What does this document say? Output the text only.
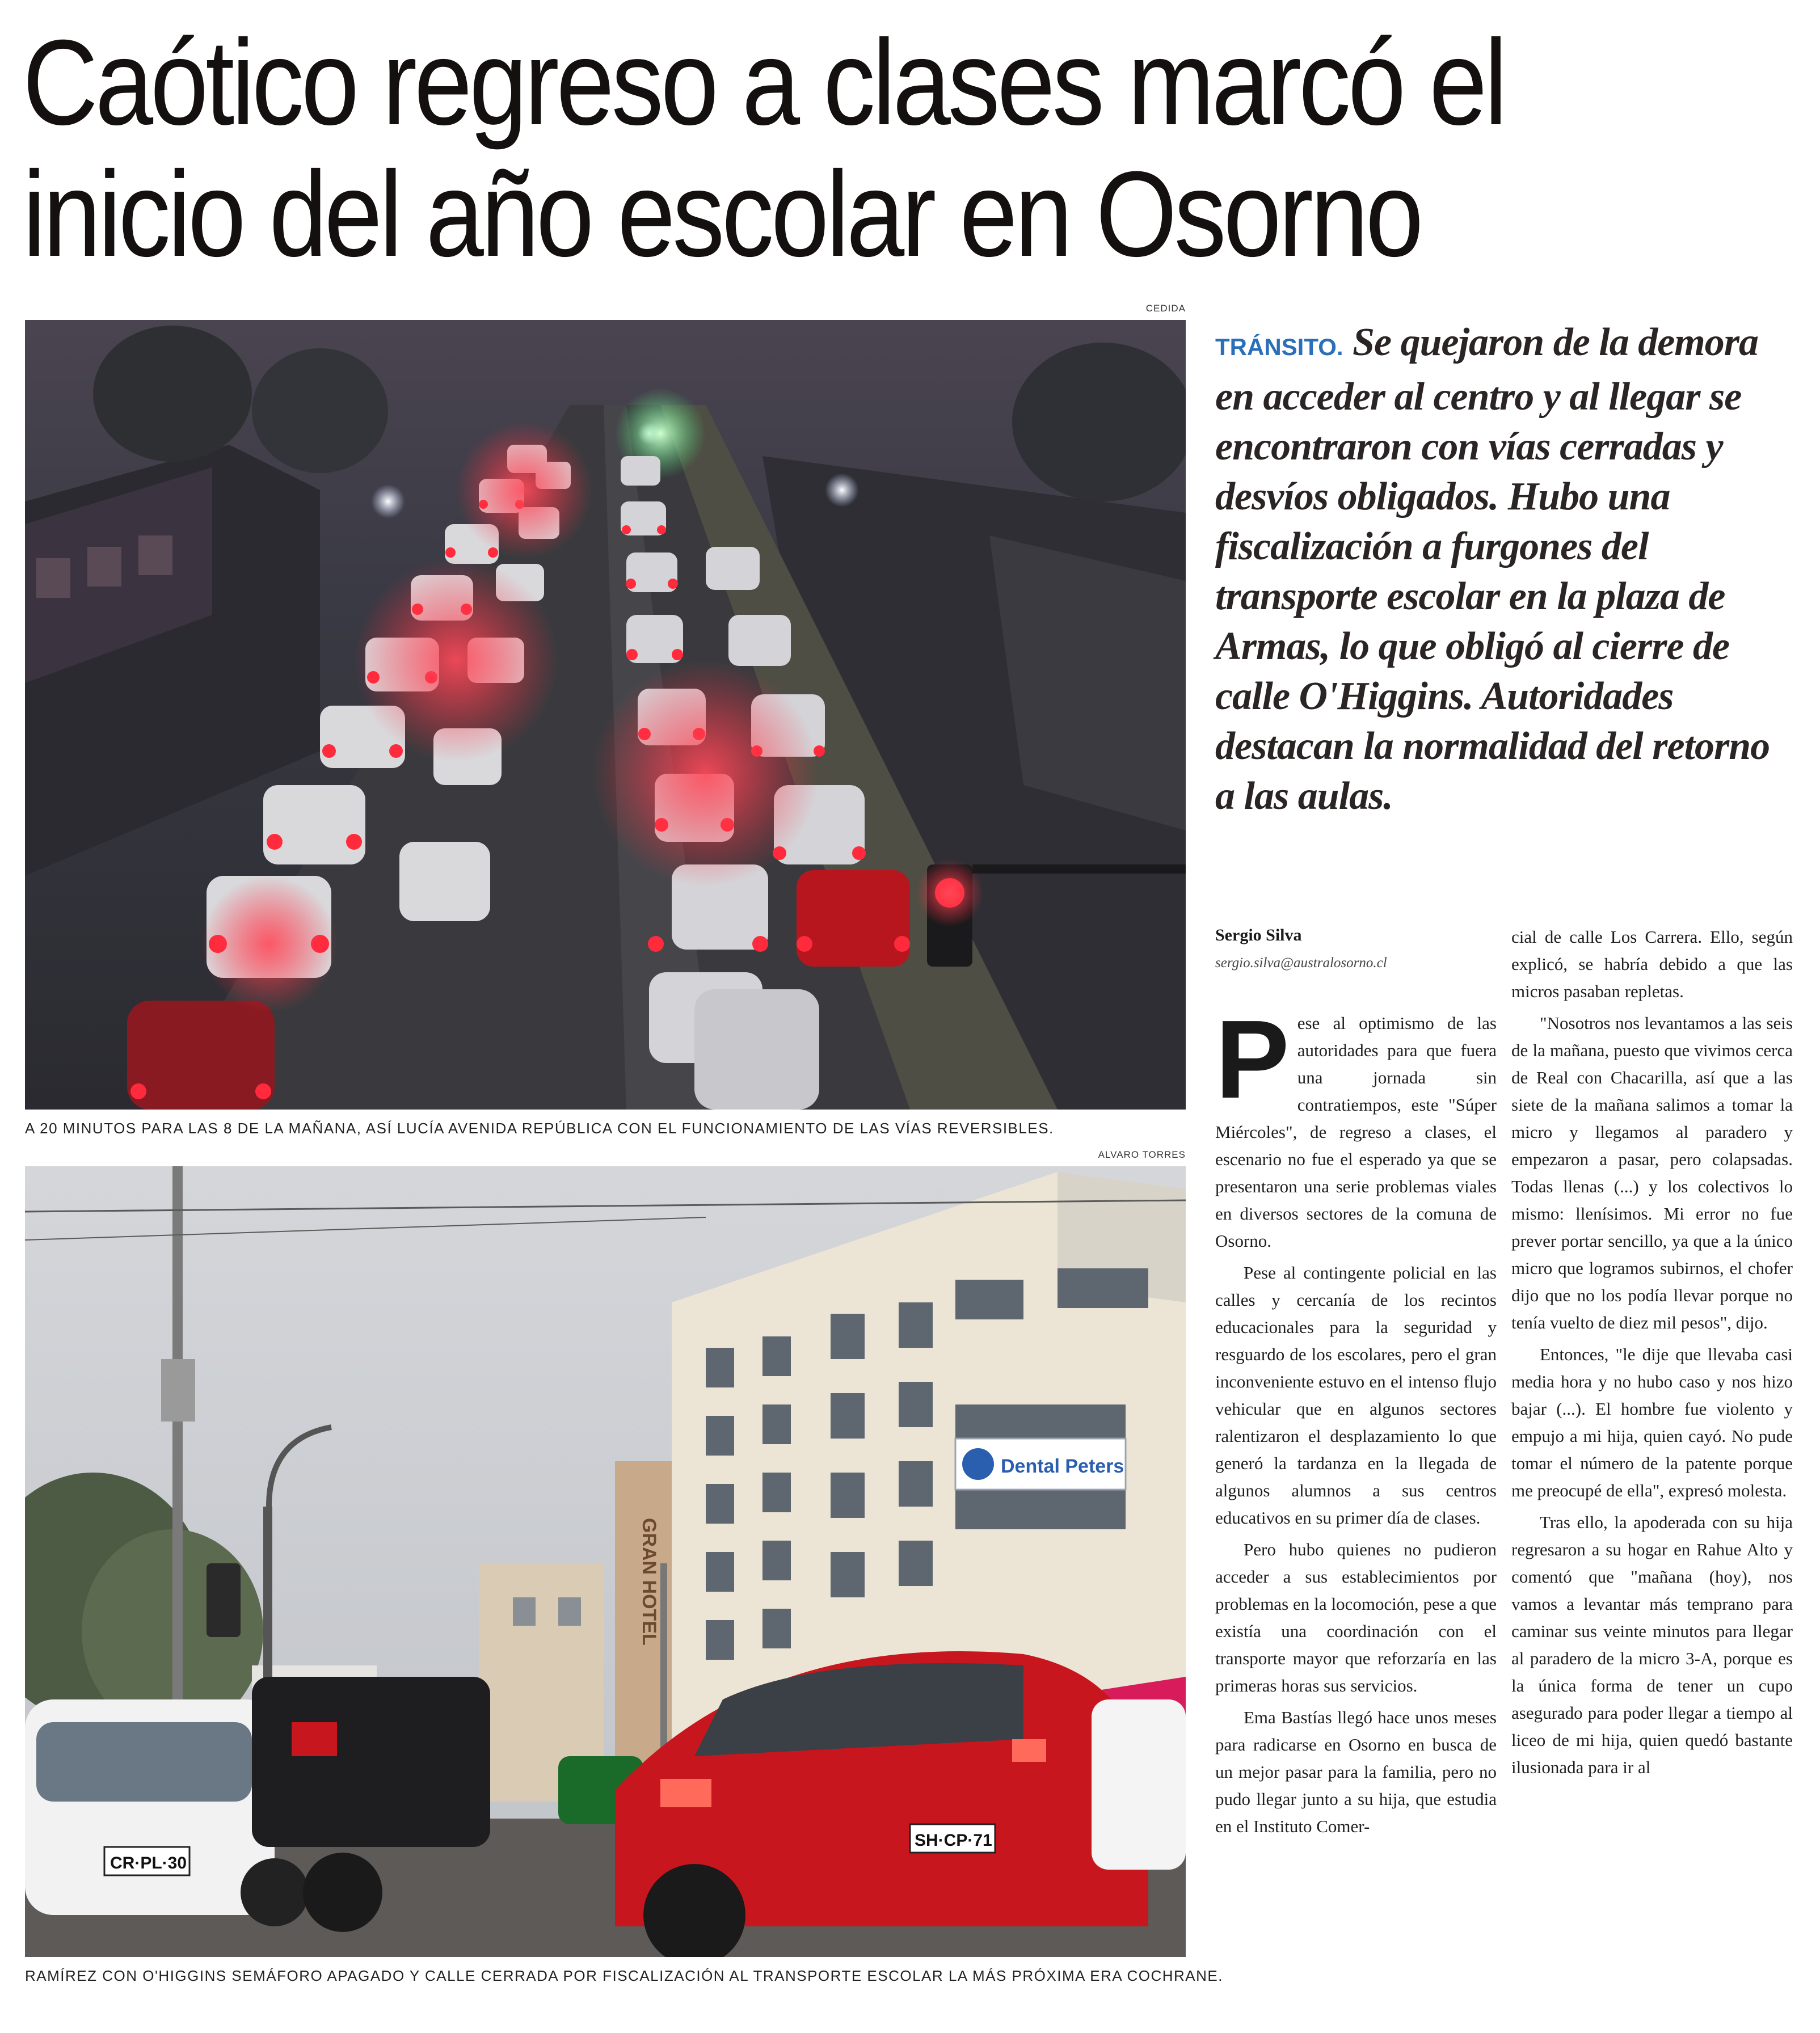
Caótico regreso a clases marcó el inicio del año escolar en Osorno
CEDIDA
A 20 MINUTOS PARA LAS 8 DE LA MAÑANA, ASÍ LUCÍA AVENIDA REPÚBLICA CON EL FUNCIONAMIENTO DE LAS VÍAS REVERSIBLES.
ALVARO TORRES
GRAN HOTEL
Dental Peters
CR·PL·30
SH·CP·71
RAMÍREZ CON O'HIGGINS SEMÁFORO APAGADO Y CALLE CERRADA POR FISCALIZACIÓN AL TRANSPORTE ESCOLAR LA MÁS PRÓXIMA ERA COCHRANE.
TRÁNSITO. Se quejaron de la demora en acceder al centro y al llegar se encontraron con vías cerradas y desvíos obligados. Hubo una fiscalización a furgones del transporte escolar en la plaza de Armas, lo que obligó al cierre de calle O'Higgins. Autoridades destacan la normalidad del retorno a las aulas.
Sergio Silva
sergio.silva@australosorno.cl

Pese al optimismo de las autoridades para que fuera una jornada sin contratiempos, este "Súper Miércoles", de regreso a clases, el escenario no fue el esperado ya que se presentaron una serie problemas viales en diversos sectores de la comuna de Osorno.

Pese al contingente policial en las calles y cercanía de los recintos educacionales para la seguridad y resguardo de los escolares, pero el gran inconveniente estuvo en el intenso flujo vehicular que en algunos sectores ralentizaron el desplazamiento lo que generó la tardanza en la llegada de algunos alumnos a sus centros educativos en su primer día de clases.

Pero hubo quienes no pudieron acceder a sus establecimientos por problemas en la locomoción, pese a que existía una coordinación con el transporte mayor que reforzaría en las primeras horas sus servicios.

Ema Bastías llegó hace unos meses para radicarse en Osorno en busca de un mejor pasar para la familia, pero no pudo llegar junto a su hija, que estudia en el Instituto Comer-

cial de calle Los Carrera. Ello, según explicó, se habría debido a que las micros pasaban repletas.

"Nosotros nos levantamos a las seis de la mañana, puesto que vivimos cerca de Real con Chacarilla, así que a las siete de la mañana salimos a tomar la micro y llegamos al paradero y empezaron a pasar, pero colapsadas. Todas llenas (...) y los colectivos lo mismo: llenísimos. Mi error no fue prever portar sencillo, ya que a la único micro que logramos subirnos, el chofer dijo que no los podía llevar porque no tenía vuelto de diez mil pesos", dijo.

Entonces, "le dije que llevaba casi media hora y no hubo caso y nos hizo bajar (...). El hombre fue violento y empujo a mi hija, quien cayó. No pude tomar el número de la patente porque me preocupé de ella", expresó molesta.

Tras ello, la apoderada con su hija regresaron a su hogar en Rahue Alto y comentó que "mañana (hoy), nos vamos a levantar más temprano para caminar sus veinte minutos para llegar al paradero de la micro 3-A, porque es la única forma de tener un cupo asegurado para poder llegar a tiempo al liceo de mi hija, quien quedó bastante ilusionada para ir al
